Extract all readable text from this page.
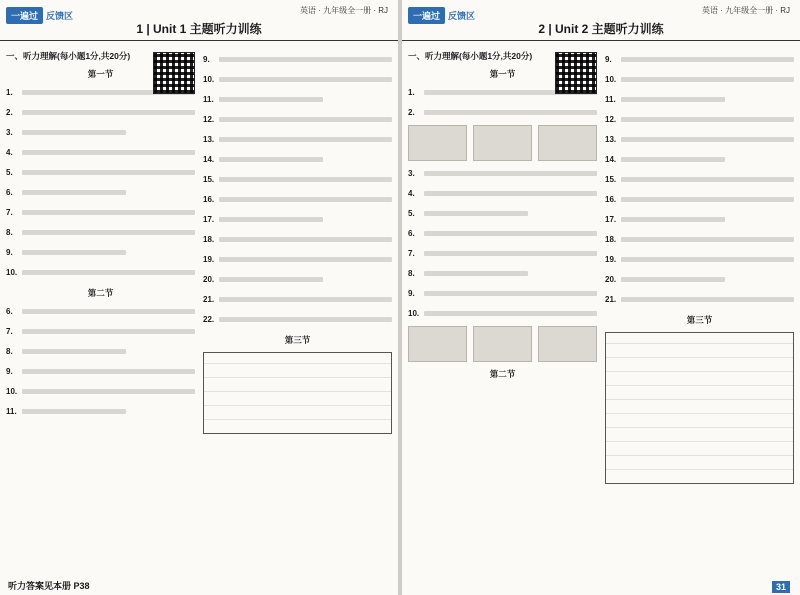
一遍过 反馈区
英语 · 九年级全一册 · RJ
1 | Unit 1 主题听力训练
一、听力理解(每小题1分,共20分)
第一节
1.
2.
3.
4.
5.
6.
7.
8.
9.
10.
第二节
6.
7.
8.
9.
10.
11.
9.
10.
11.
12.
13.
14.
15.
16.
17.
18.
19.
20.
21.
22.
第三节
听力答案见本册 P38
一遍过 反馈区
英语 · 九年级全一册 · RJ
2 | Unit 2 主题听力训练
一、听力理解(每小题1分,共20分)
第一节
1.
2.
3.
4.
5.
6.
7.
8.
9.
10.
第二节
9.
10.
11.
12.
13.
14.
15.
16.
17.
18.
19.
20.
21.
第三节
31
